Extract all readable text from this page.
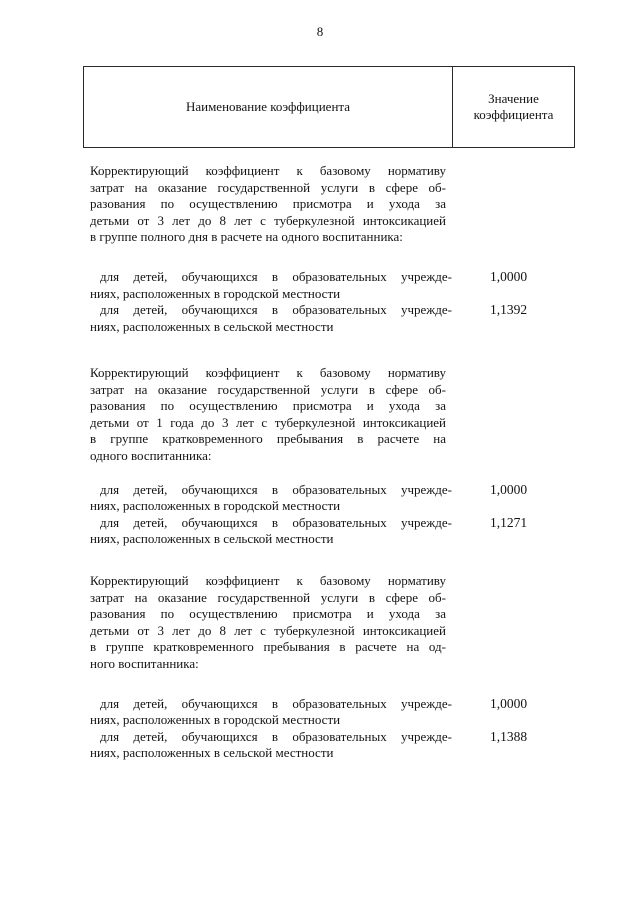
8
Наименование коэффициента
Значение
коэффициента
Корректирующий коэффициент к базовому нормативу
затрат на оказание государственной услуги в сфере об-
разования по осуществлению присмотра и ухода за
детьми от 3 лет до 8 лет с туберкулезной интоксикацией
в группе полного дня в расчете на одного воспитанника:
для детей, обучающихся в образовательных учрежде-
ниях, расположенных в городской местности
1,0000
для детей, обучающихся в образовательных учрежде-
ниях, расположенных в сельской местности
1,1392
Корректирующий коэффициент к базовому нормативу
затрат на оказание государственной услуги в сфере об-
разования по осуществлению присмотра и ухода за
детьми от 1 года до 3 лет с туберкулезной интоксикацией
в группе кратковременного пребывания в расчете на
одного воспитанника:
для детей, обучающихся в образовательных учрежде-
ниях, расположенных в городской местности
1,0000
для детей, обучающихся в образовательных учрежде-
ниях, расположенных в сельской местности
1,1271
Корректирующий коэффициент к базовому нормативу
затрат на оказание государственной услуги в сфере об-
разования по осуществлению присмотра и ухода за
детьми от 3 лет до 8 лет с туберкулезной интоксикацией
в группе кратковременного пребывания в расчете на од-
ного воспитанника:
для детей, обучающихся в образовательных учрежде-
ниях, расположенных в городской местности
1,0000
для детей, обучающихся в образовательных учрежде-
ниях, расположенных в сельской местности
1,1388
